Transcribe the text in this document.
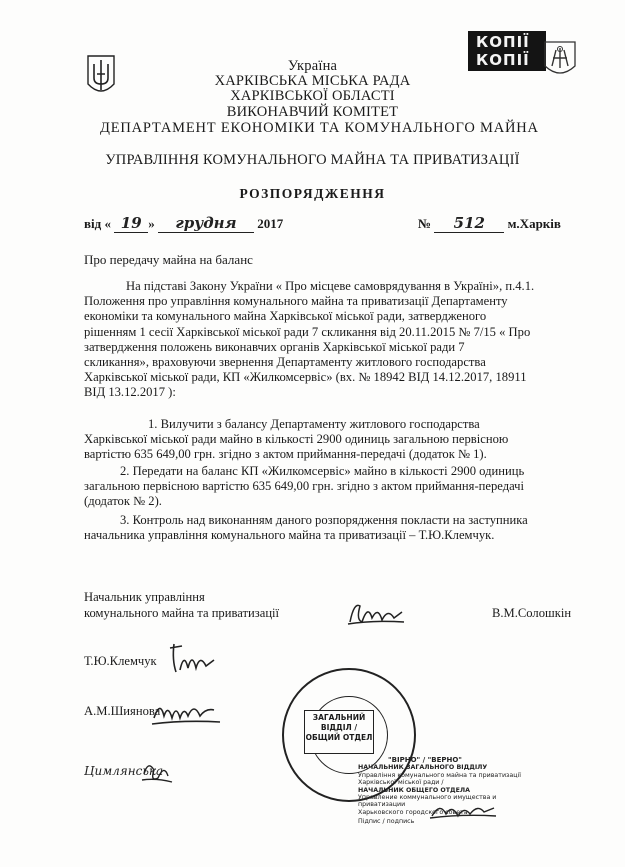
Україна
ХАРКІВСЬКА МІСЬКА РАДА
ХАРКІВСЬКОЇ ОБЛАСТІ
ВИКОНАВЧИЙ КОМІТЕТ
ДЕПАРТАМЕНТ ЕКОНОМІКИ ТА КОМУНАЛЬНОГО МАЙНА
УПРАВЛІННЯ КОМУНАЛЬНОГО МАЙНА ТА ПРИВАТИЗАЦІЇ
РОЗПОРЯДЖЕННЯ
КОПІЇ
КОПІЇ
від « 19 » грудня 2017	№ 512 м.Харків
Про передачу майна на баланс
На підставі Закону України « Про місцеве самоврядування в Україні», п.4.1.
Положення про управління комунального майна та приватизації Департаменту
економіки та комунального майна Харківської міської ради, затвердженого
рішенням 1 сесії Харківської міської ради 7 скликання від 20.11.2015 № 7/15 « Про
затвердження положень виконавчих органів Харківської міської ради 7
скликання», враховуючи звернення Департаменту житлового господарства
Харківської міської ради, КП «Жилкомсервіс» (вх. № 18942 ВІД 14.12.2017, 18911
ВІД 13.12.2017 ):
1. Вилучити з балансу Департаменту житлового господарства
Харківської міської ради майно в кількості 2900 одиниць загальною первісною
вартістю 635 649,00 грн. згідно з актом приймання-передачі (додаток № 1).
2. Передати на баланс КП «Жилкомсервіс» майно в кількості 2900 одиниць
загальною первісною вартістю 635 649,00 грн. згідно з актом приймання-передачі
(додаток № 2).
3. Контроль над виконанням даного розпорядження покласти на заступника
начальника управління комунального майна та приватизації – Т.Ю.Клемчук.
Начальник управління
комунального майна та приватизації	В.М.Солошкін
Т.Ю.Клемчук
А.М.Шиянова
Цимлянська
ЗАГАЛЬНИЙ
ВІДДІЛ /
ОБЩИЙ ОТДЕЛ
"ВІРНО" / "ВЕРНО"
НАЧАЛЬНИК ЗАГАЛЬНОГО ВІДДІЛУ
Управління комунального майна та приватизації
Харківської міської ради /
НАЧАЛЬНИК ОБЩЕГО ОТДЕЛА
Управление коммунального имущества и приватизации
Харьковского городского совета
Підпис / подпись
